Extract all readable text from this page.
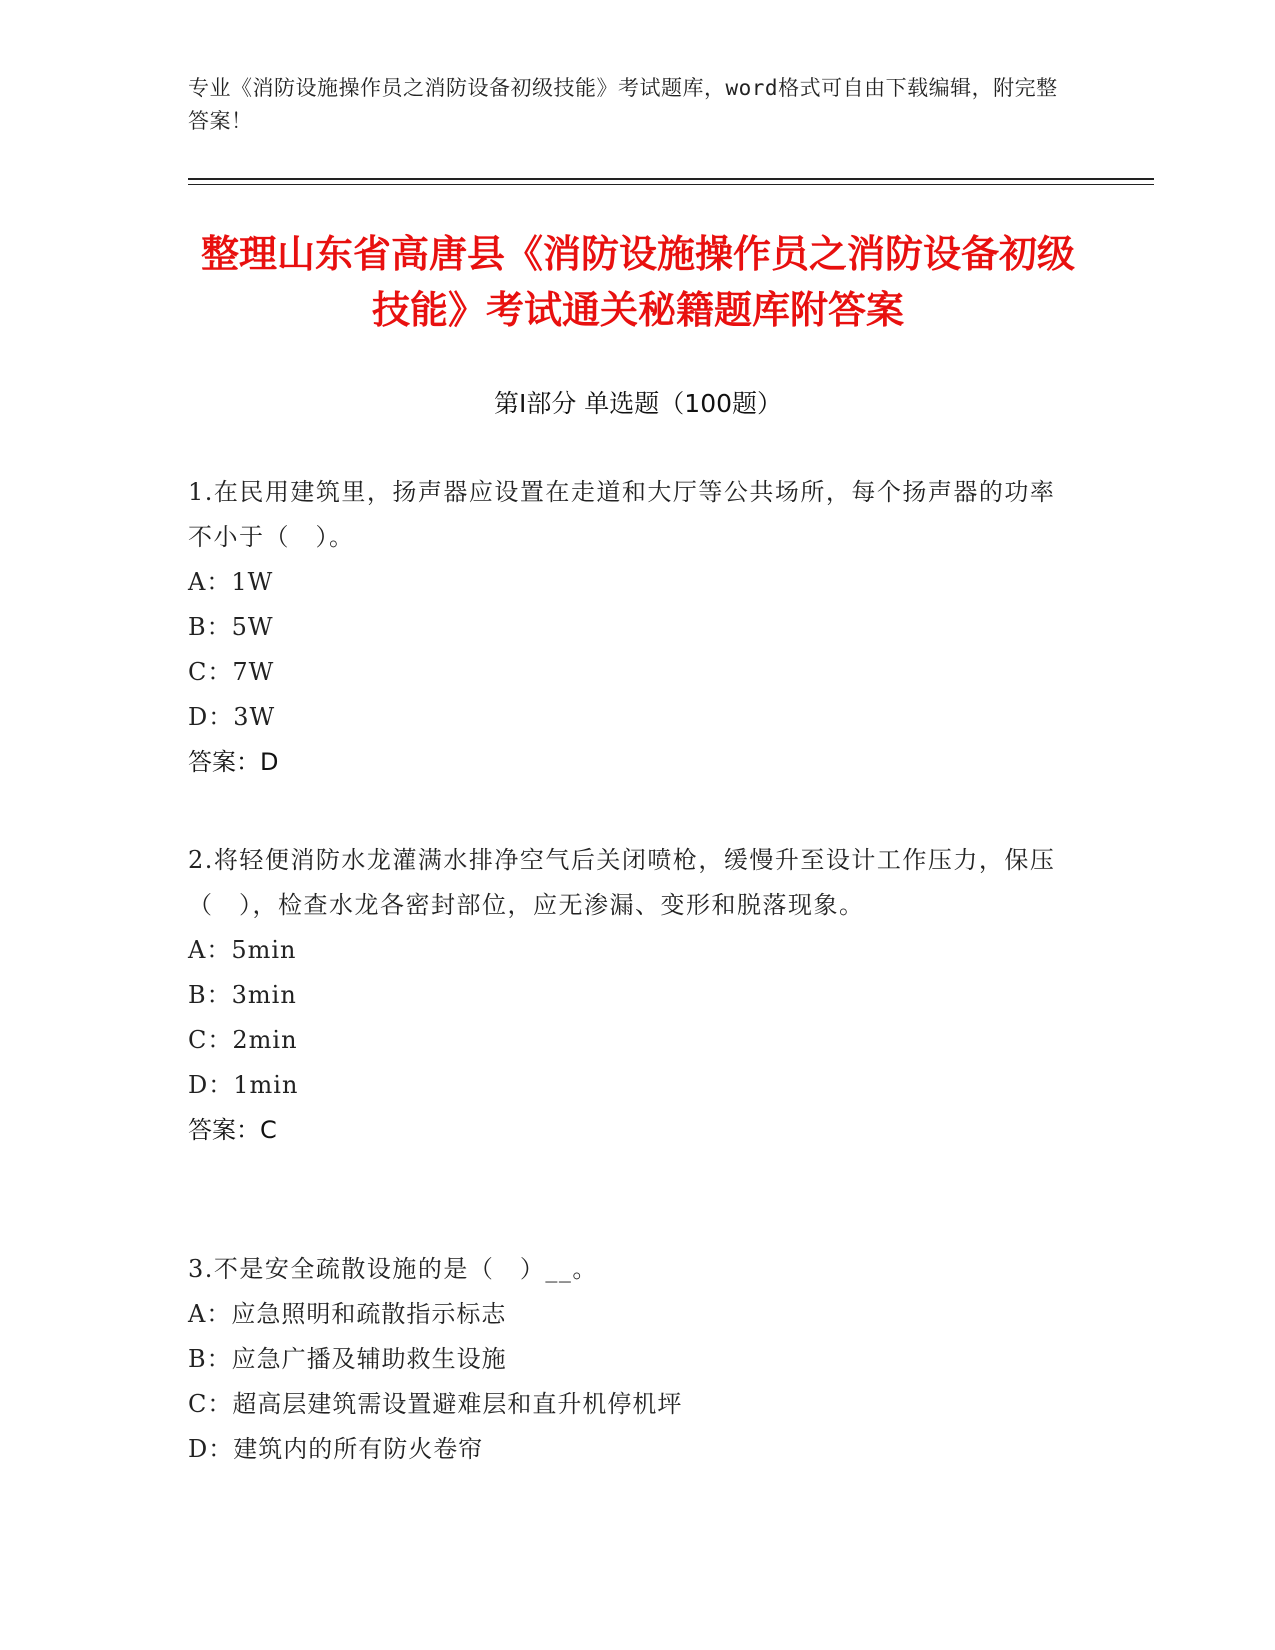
专业《消防设施操作员之消防设备初级技能》考试题库，word格式可自由下载编辑，附完整答案！
整理山东省高唐县《消防设施操作员之消防设备初级技能》考试通关秘籍题库附答案
第Ⅰ部分 单选题（100题）
1.在民用建筑里，扬声器应设置在走道和大厅等公共场所，每个扬声器的功率不小于（　）。
A：1W
B：5W
C：7W
D：3W
答案：D
2.将轻便消防水龙灌满水排净空气后关闭喷枪，缓慢升至设计工作压力，保压（　），检查水龙各密封部位，应无渗漏、变形和脱落现象。
A：5min
B：3min
C：2min
D：1min
答案：C
3.不是安全疏散设施的是（　）__。
A：应急照明和疏散指示标志
B：应急广播及辅助救生设施
C：超高层建筑需设置避难层和直升机停机坪
D：建筑内的所有防火卷帘
